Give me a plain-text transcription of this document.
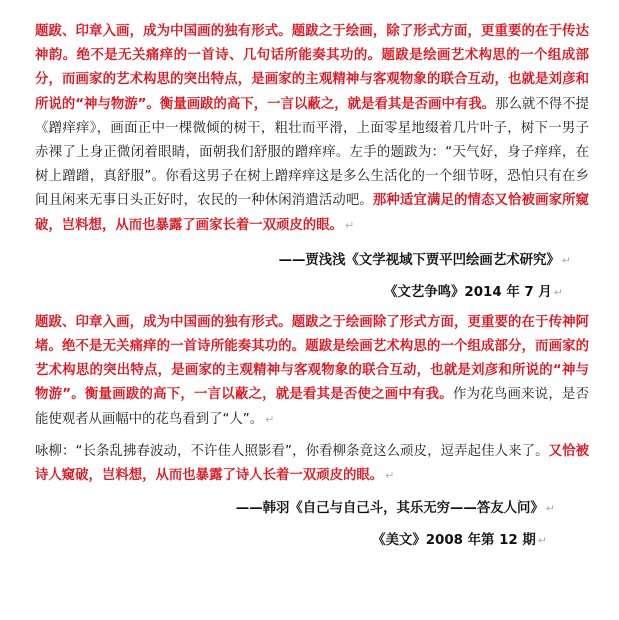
题跋、印章入画，成为中国画的独有形式。题跋之于绘画，除了形式方面，更重要的在于传达神韵。绝不是无关痛痒的一首诗、几句话所能奏其功的。题跋是绘画艺术构思的一个组成部分，而画家的艺术构思的突出特点，是画家的主观精神与客观物象的联合互动，也就是刘彦和所说的“神与物游”。衡量画跋的高下，一言以蔽之，就是看其是否画中有我。那么就不得不提《蹭痒痒》，画面正中一棵微倾的树干，粗壮而平滑，上面零星地缀着几片叶子，树下一男子赤裸了上身正微闭着眼睛，面朝我们舒服的蹭痒痒。左手的题跋为：“天气好，身子痒痒，在树上蹭蹭，真舒服”。你看这男子在树上蹭痒痒这是多么生活化的一个细节呀，恐怕只有在乡间且闲来无事日头正好时，农民的一种休闲消遣活动吧。那种适宜满足的情态又恰被画家所窥破，岂料想，从而也暴露了画家长着一双顽皮的眼。 ↵

——贾浅浅《文学视域下贾平凹绘画艺术研究》 ↵

《文艺争鸣》2014 年 7 月 ↵

题跋、印章入画，成为中国画的独有形式。题跋之于绘画除了形式方面，更重要的在于传神阿堵。绝不是无关痛痒的一首诗所能奏其功的。题跋是绘画艺术构思的一个组成部分，而画家的艺术构思的突出特点，是画家的主观精神与客观物象的联合互动，也就是刘彦和所说的“神与物游”。衡量画跋的高下，一言以蔽之，就是看其是否使之画中有我。作为花鸟画来说，是否能使观者从画幅中的花鸟看到了“人”。 ↵

咏柳：“长条乱拂春波动，不许佳人照影看”，你看柳条竟这么顽皮，逗弄起佳人来了。又恰被诗人窥破，岂料想，从而也暴露了诗人长着一双顽皮的眼。 ↵

——韩羽《自己与自己斗，其乐无穷——答友人问》 ↵

《美文》2008 年第 12 期 ↵
